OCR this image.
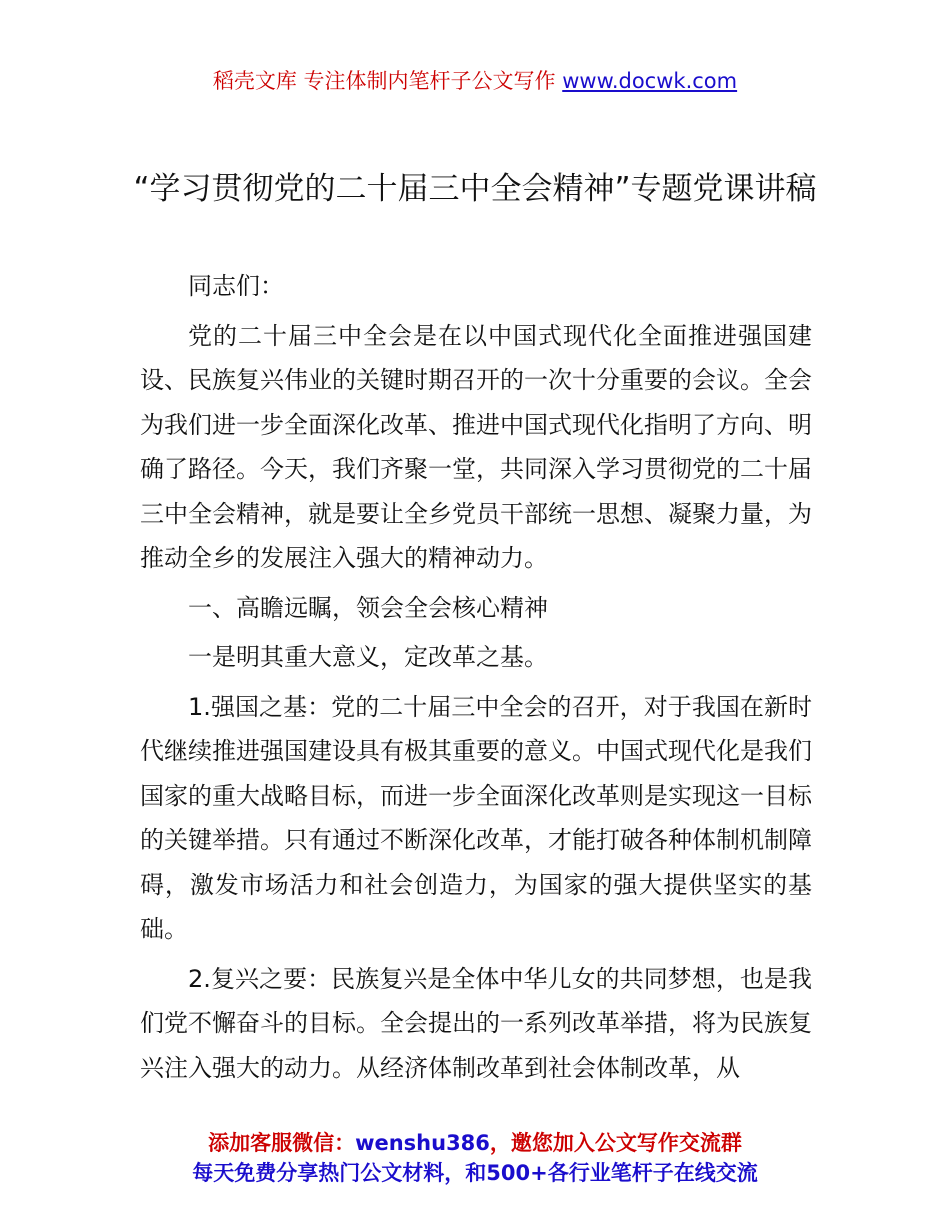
稻壳文库 专注体制内笔杆子公文写作 www.docwk.com
“学习贯彻党的二十届三中全会精神”专题党课讲稿

同志们：

党的二十届三中全会是在以中国式现代化全面推进强国建设、民族复兴伟业的关键时期召开的一次十分重要的会议。全会为我们进一步全面深化改革、推进中国式现代化指明了方向、明确了路径。今天，我们齐聚一堂，共同深入学习贯彻党的二十届三中全会精神，就是要让全乡党员干部统一思想、凝聚力量，为推动全乡的发展注入强大的精神动力。

一、高瞻远瞩，领会全会核心精神

一是明其重大意义，定改革之基。

1.强国之基：党的二十届三中全会的召开，对于我国在新时代继续推进强国建设具有极其重要的意义。中国式现代化是我们国家的重大战略目标，而进一步全面深化改革则是实现这一目标的关键举措。只有通过不断深化改革，才能打破各种体制机制障碍，激发市场活力和社会创造力，为国家的强大提供坚实的基础。

2.复兴之要：民族复兴是全体中华儿女的共同梦想，也是我们党不懈奋斗的目标。全会提出的一系列改革举措，将为民族复兴注入强大的动力。从经济体制改革到社会体制改革，从

添加客服微信：wenshu386，邀您加入公文写作交流群
每天免费分享热门公文材料，和500+各行业笔杆子在线交流
